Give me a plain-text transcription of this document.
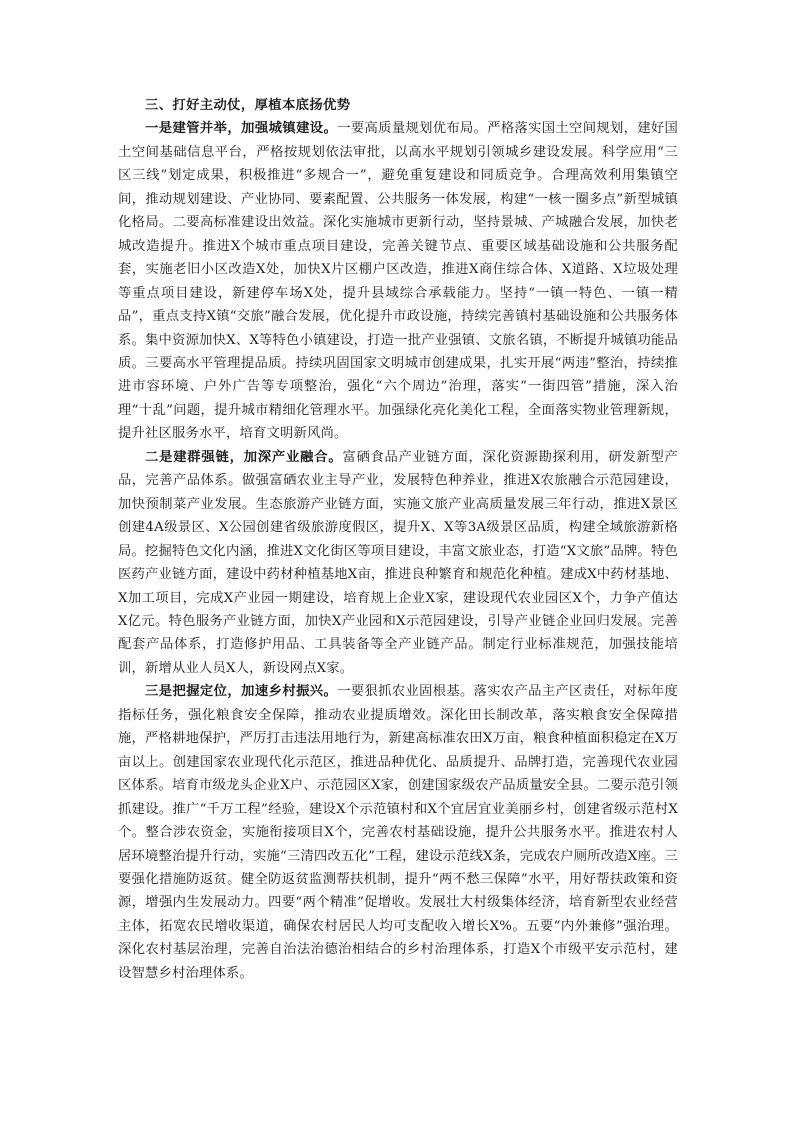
三、打好主动仗，厚植本底扬优势

一是建管并举，加强城镇建设。一要高质量规划优布局。严格落实国土空间规划，建好国土空间基础信息平台，严格按规划依法审批，以高水平规划引领城乡建设发展。科学应用“三区三线”划定成果，积极推进“多规合一”，避免重复建设和同质竞争。合理高效利用集镇空间，推动规划建设、产业协同、要素配置、公共服务一体发展，构建“一核一圈多点”新型城镇化格局。二要高标准建设出效益。深化实施城市更新行动，坚持景城、产城融合发展，加快老城改造提升。推进X个城市重点项目建设，完善关键节点、重要区域基础设施和公共服务配套，实施老旧小区改造X处，加快X片区棚户区改造，推进X商住综合体、X道路、X垃圾处理等重点项目建设，新建停车场X处，提升县域综合承载能力。坚持“一镇一特色、一镇一精品”，重点支持X镇“交旅”融合发展，优化提升市政设施，持续完善镇村基础设施和公共服务体系。集中资源加快X、X等特色小镇建设，打造一批产业强镇、文旅名镇，不断提升城镇功能品质。三要高水平管理提品质。持续巩固国家文明城市创建成果，扎实开展“两违”整治，持续推进市容环境、户外广告等专项整治，强化“六个周边”治理，落实“一街四管”措施，深入治理“十乱”问题，提升城市精细化管理水平。加强绿化亮化美化工程，全面落实物业管理新规，提升社区服务水平，培育文明新风尚。

二是建群强链，加深产业融合。富硒食品产业链方面，深化资源勘探利用，研发新型产品，完善产品体系。做强富硒农业主导产业，发展特色种养业，推进X农旅融合示范园建设，加快预制菜产业发展。生态旅游产业链方面，实施文旅产业高质量发展三年行动，推进X景区创建4A级景区、X公园创建省级旅游度假区，提升X、X等3A级景区品质，构建全域旅游新格局。挖掘特色文化内涵，推进X文化街区等项目建设，丰富文旅业态，打造“X文旅”品牌。特色医药产业链方面，建设中药材种植基地X亩，推进良种繁育和规范化种植。建成X中药材基地、X加工项目，完成X产业园一期建设，培育规上企业X家，建设现代农业园区X个，力争产值达X亿元。特色服务产业链方面，加快X产业园和X示范园建设，引导产业链企业回归发展。完善配套产品体系，打造修护用品、工具装备等全产业链产品。制定行业标准规范，加强技能培训，新增从业人员X人，新设网点X家。

三是把握定位，加速乡村振兴。一要狠抓农业固根基。落实农产品主产区责任，对标年度指标任务，强化粮食安全保障，推动农业提质增效。深化田长制改革，落实粮食安全保障措施，严格耕地保护，严厉打击违法用地行为，新建高标准农田X万亩，粮食种植面积稳定在X万亩以上。创建国家农业现代化示范区，推进品种优化、品质提升、品牌打造，完善现代农业园区体系。培育市级龙头企业X户、示范园区X家，创建国家级农产品质量安全县。二要示范引领抓建设。推广“千万工程”经验，建设X个示范镇村和X个宜居宜业美丽乡村，创建省级示范村X个。整合涉农资金，实施衔接项目X个，完善农村基础设施，提升公共服务水平。推进农村人居环境整治提升行动，实施“三清四改五化”工程，建设示范线X条，完成农户厕所改造X座。三要强化措施防返贫。健全防返贫监测帮扶机制，提升“两不愁三保障”水平，用好帮扶政策和资源，增强内生发展动力。四要“两个精准”促增收。发展壮大村级集体经济，培育新型农业经营主体，拓宽农民增收渠道，确保农村居民人均可支配收入增长X%。五要“内外兼修”强治理。深化农村基层治理，完善自治法治德治相结合的乡村治理体系，打造X个市级平安示范村，建设智慧乡村治理体系。
